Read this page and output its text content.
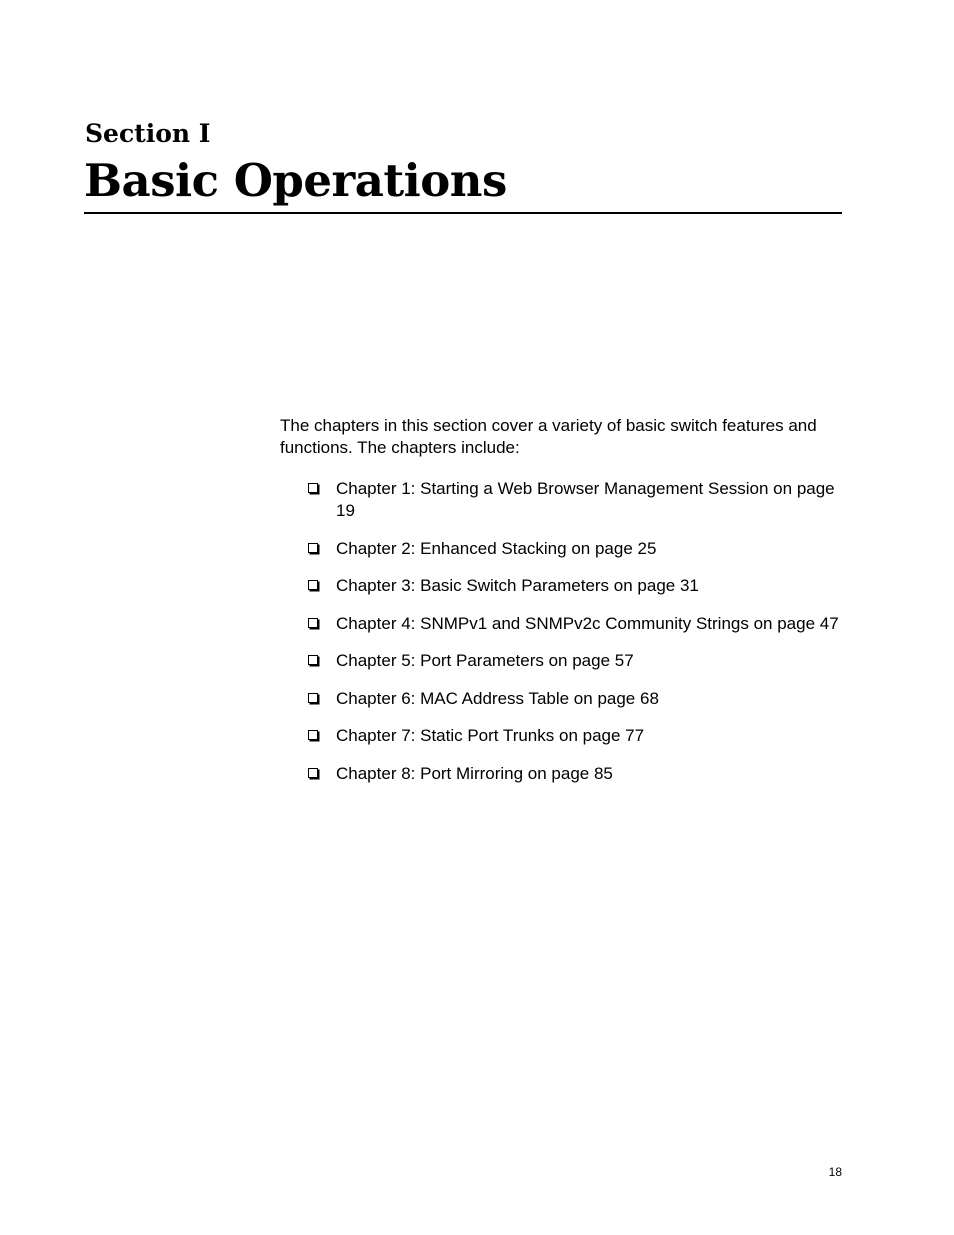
Section I
Basic Operations

The chapters in this section cover a variety of basic switch features and functions. The chapters include:

Chapter 1: Starting a Web Browser Management Session on page 19
Chapter 2: Enhanced Stacking on page 25
Chapter 3: Basic Switch Parameters on page 31
Chapter 4: SNMPv1 and SNMPv2c Community Strings on page 47
Chapter 5: Port Parameters on page 57
Chapter 6: MAC Address Table on page 68
Chapter 7: Static Port Trunks on page 77
Chapter 8: Port Mirroring on page 85

18
